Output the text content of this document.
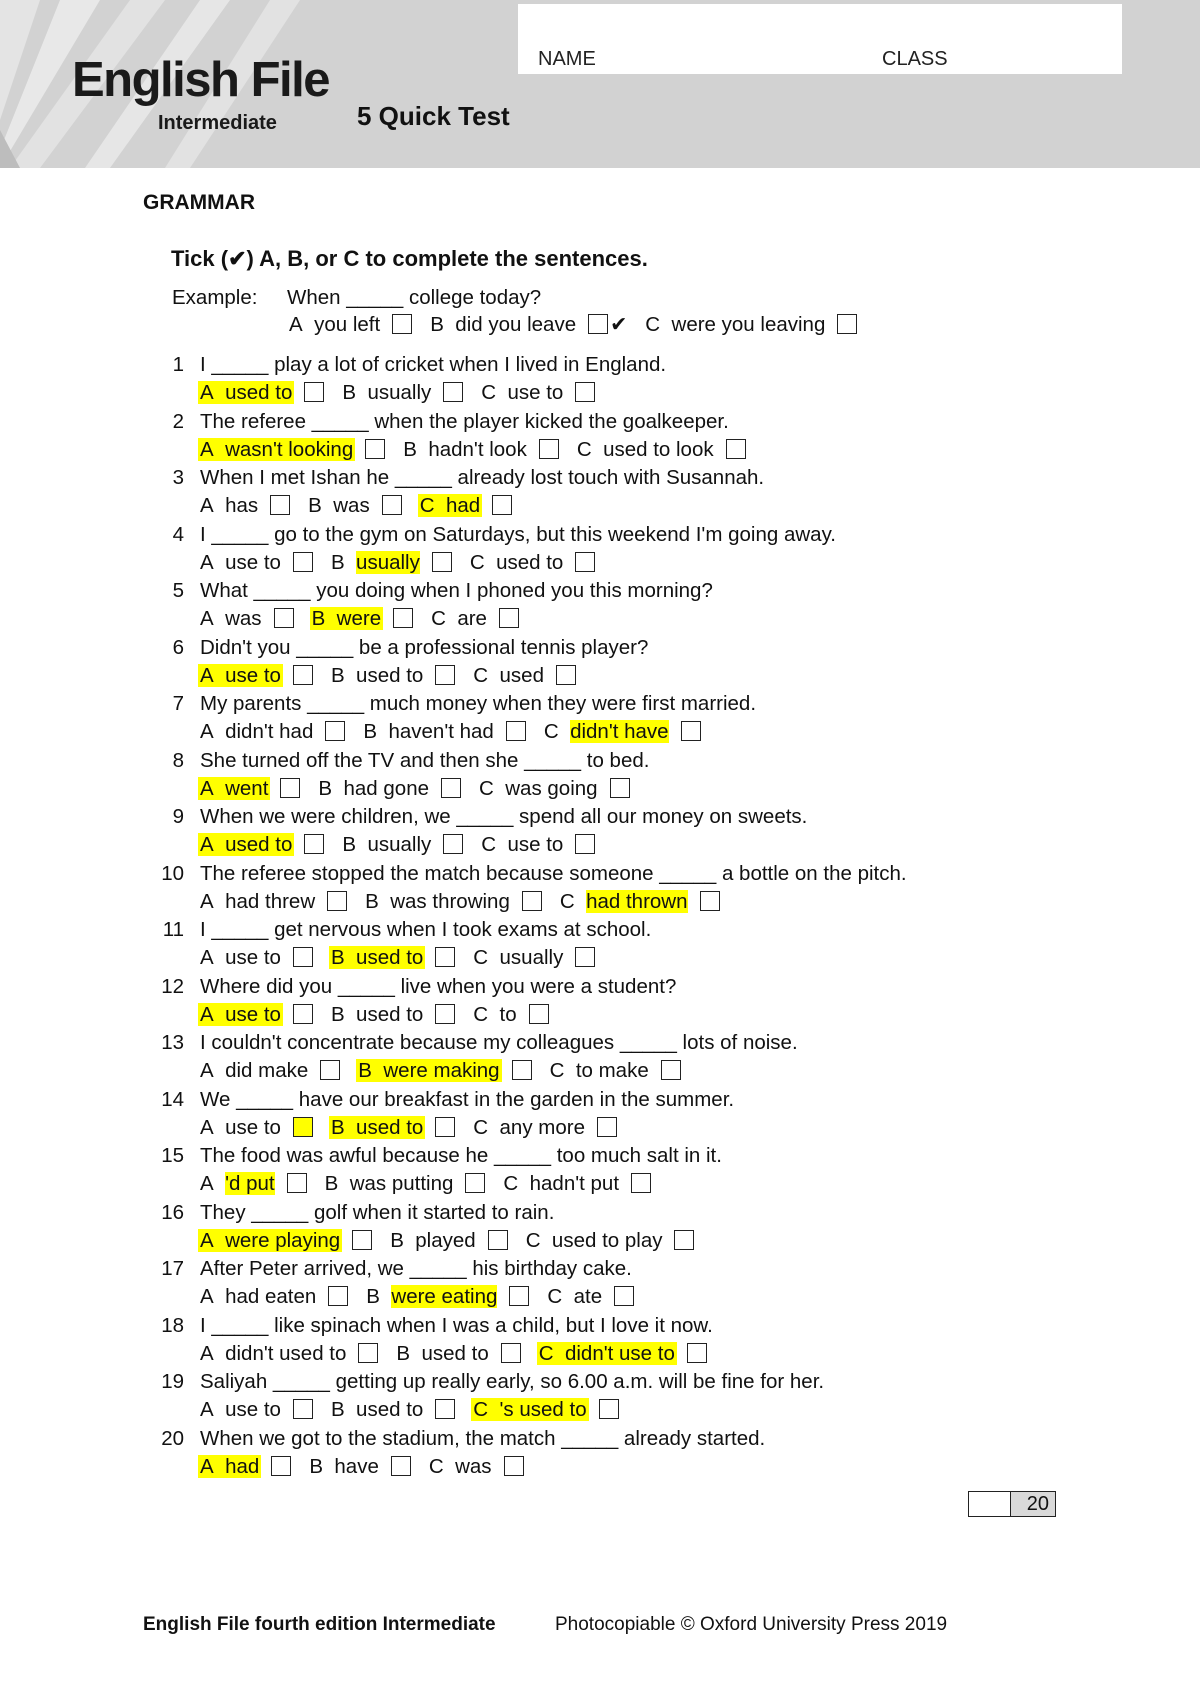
NAME	CLASS
English File
Intermediate	5 Quick Test
GRAMMAR
Tick (✔) A, B, or C to complete the sentences.
Example: When _____ college today?
A you left B did you leave ✔ C were you leaving
1 I _____ play a lot of cricket when I lived in England.
A used to B usually C use to
2 The referee _____ when the player kicked the goalkeeper.
A wasn't looking B hadn't look C used to look
3 When I met Ishan he _____ already lost touch with Susannah.
A has B was C had
4 I _____ go to the gym on Saturdays, but this weekend I'm going away.
A use to B usually C used to
5 What _____ you doing when I phoned you this morning?
A was B were C are
6 Didn't you _____ be a professional tennis player?
A use to B used to C used
7 My parents _____ much money when they were first married.
A didn't had B haven't had C didn't have
8 She turned off the TV and then she _____ to bed.
A went B had gone C was going
9 When we were children, we _____ spend all our money on sweets.
A used to B usually C use to
10 The referee stopped the match because someone _____ a bottle on the pitch.
A had threw B was throwing C had thrown
11 I _____ get nervous when I took exams at school.
A use to B used to C usually
12 Where did you _____ live when you were a student?
A use to B used to C to
13 I couldn't concentrate because my colleagues _____ lots of noise.
A did make B were making C to make
14 We _____ have our breakfast in the garden in the summer.
A use to B used to C any more
15 The food was awful because he _____ too much salt in it.
A 'd put B was putting C hadn't put
16 They _____ golf when it started to rain.
A were playing B played C used to play
17 After Peter arrived, we _____ his birthday cake.
A had eaten B were eating C ate
18 I _____ like spinach when I was a child, but I love it now.
A didn't used to B used to C didn't use to
19 Saliyah _____ getting up really early, so 6.00 a.m. will be fine for her.
A use to B used to C 's used to
20 When we got to the stadium, the match _____ already started.
A had B have C was
20
English File fourth edition Intermediate	Photocopiable © Oxford University Press 2019
